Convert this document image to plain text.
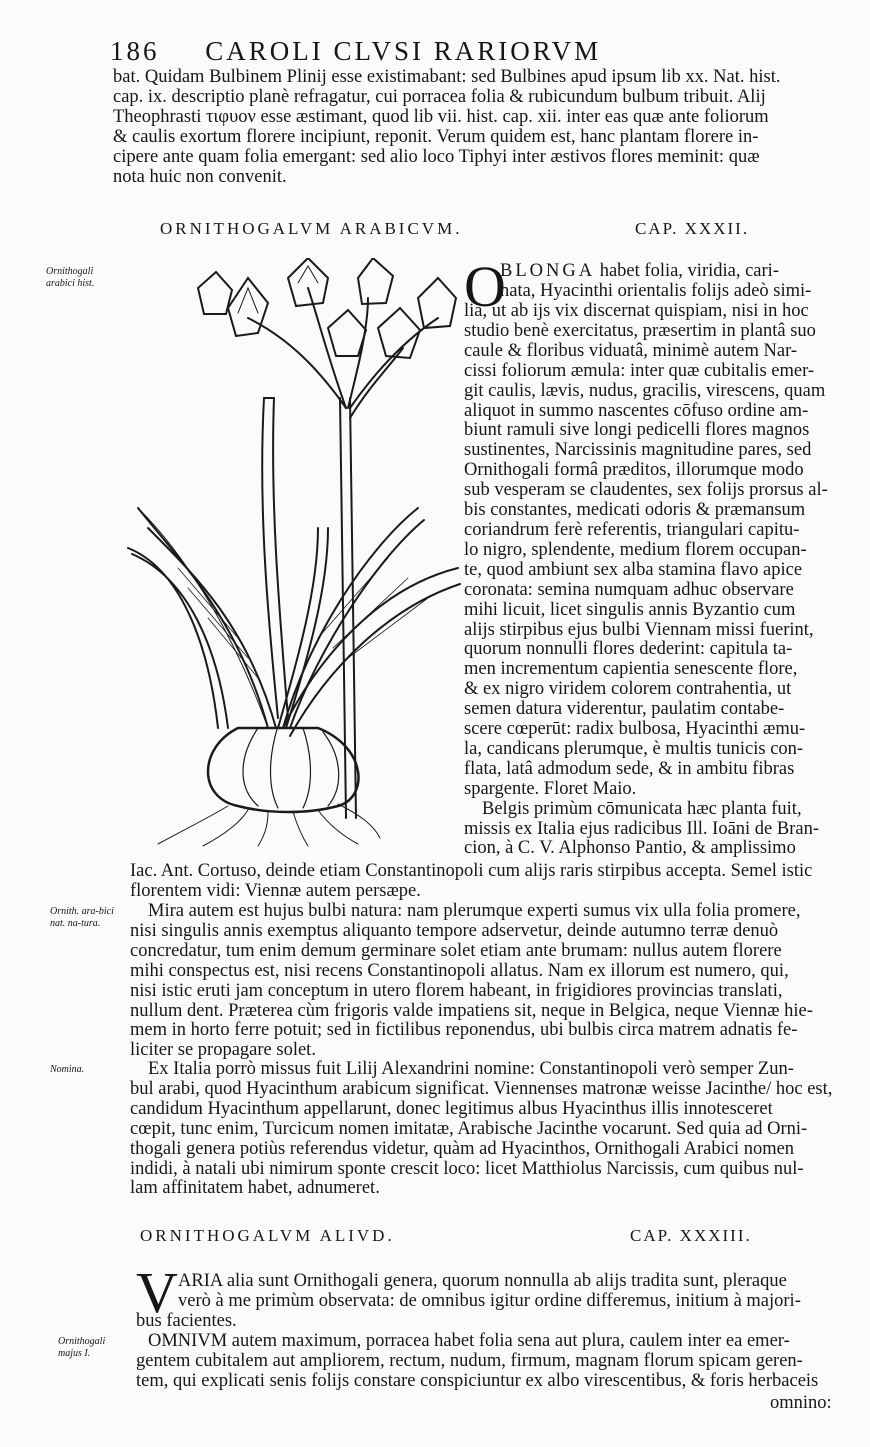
186 CAROLI CLVSI RARIORVM
bat. Quidam Bulbinem Plinij esse existimabant: sed Bulbines apud ipsum lib xx. Nat. hist.
cap. ix. descriptio planè refragatur, cui porracea folia & rubicundum bulbum tribuit. Alij
Theophrasti τιφυον esse æstimant, quod lib vii. hist. cap. xii. inter eas quæ ante foliorum
& caulis exortum florere incipiunt, reponit. Verum quidem est, hanc plantam florere in-
cipere ante quam folia emergant: sed alio loco Tiphyi inter æstivos flores meminit: quæ
nota huic non convenit.
ORNITHOGALVM ARABICVM.	CAP. XXXII.
Ornithogali arabici hist.	O
BLONGA habet folia, viridia, cari-
nata, Hyacinthi orientalis folijs adeò simi-
lia, ut ab ijs vix discernat quispiam, nisi in hoc
studio benè exercitatus, præsertim in plantâ suo
caule & floribus viduatâ, minimè autem Nar-
cissi foliorum æmula: inter quæ cubitalis emer-
git caulis, lævis, nudus, gracilis, virescens, quam
aliquot in summo nascentes cōfuso ordine am-
biunt ramuli sive longi pedicelli flores magnos
sustinentes, Narcissinis magnitudine pares, sed
Ornithogali formâ præditos, illorumque modo
sub vesperam se claudentes, sex folijs prorsus al-
bis constantes, medicati odoris & præmansum
coriandrum ferè referentis, triangulari capitu-
lo nigro, splendente, medium florem occupan-
te, quod ambiunt sex alba stamina flavo apice
coronata: semina numquam adhuc observare
mihi licuit, licet singulis annis Byzantio cum
alijs stirpibus ejus bulbi Viennam missi fuerint,
quorum nonnulli flores dederint: capitula ta-
men incrementum capientia senescente flore,
& ex nigro viridem colorem contrahentia, ut
semen datura viderentur, paulatim contabe-
scere cœperūt: radix bulbosa, Hyacinthi æmu-
la, candicans plerumque, è multis tunicis con-
flata, latâ admodum sede, & in ambitu fibras
spargente. Floret Maio.
Belgis primùm cōmunicata hæc planta fuit,
missis ex Italia ejus radicibus Ill. Ioāni de Bran-
cion, à C. V. Alphonso Pantio, & amplissimo
Iac. Ant. Cortuso, deinde etiam Constantinopoli cum alijs raris stirpibus accepta. Semel istic
florentem vidi: Viennæ autem persæpe.
Ornith. ara-bici nat. na-tura.
Mira autem est hujus bulbi natura: nam plerumque experti sumus vix ulla folia promere,
nisi singulis annis exemptus aliquanto tempore adservetur, deinde autumno terræ denuò
concredatur, tum enim demum germinare solet etiam ante brumam: nullus autem florere
mihi conspectus est, nisi recens Constantinopoli allatus. Nam ex illorum est numero, qui,
nisi istic eruti jam conceptum in utero florem habeant, in frigidiores provincias translati,
nullum dent. Præterea cùm frigoris valde impatiens sit, neque in Belgica, neque Viennæ hie-
mem in horto ferre potuit; sed in fictilibus reponendus, ubi bulbis circa matrem adnatis fe-
liciter se propagare solet.
Nomina.	Ex Italia porrò missus fuit Lilij Alexandrini nomine: Constantinopoli verò semper Zun-
bul arabi, quod Hyacinthum arabicum significat. Viennenses matronæ weisse Jacinthe/ hoc est,
candidum Hyacinthum appellarunt, donec legitimus albus Hyacinthus illis innotesceret
cœpit, tunc enim, Turcicum nomen imitatæ, Arabische Jacinthe vocarunt. Sed quia ad Orni-
thogali genera potiùs referendus videtur, quàm ad Hyacinthos, Ornithogali Arabici nomen
indidi, à natali ubi nimirum sponte crescit loco: licet Matthiolus Narcissis, cum quibus nul-
lam affinitatem habet, adnumeret.
ORNITHOGALVM ALIVD.	CAP. XXXIII.
V ARIA alia sunt Ornithogali genera, quorum nonnulla ab alijs tradita sunt, pleraque
verò à me primùm observata: de omnibus igitur ordine differemus, initium à majori-
bus facientes.
Ornithogali majus I.
OMNIVM autem maximum, porracea habet folia sena aut plura, caulem inter ea emer-
gentem cubitalem aut ampliorem, rectum, nudum, firmum, magnam florum spicam geren-
tem, qui explicati senis folijs constare conspiciuntur ex albo virescentibus, & foris herbaceis
omnino:
